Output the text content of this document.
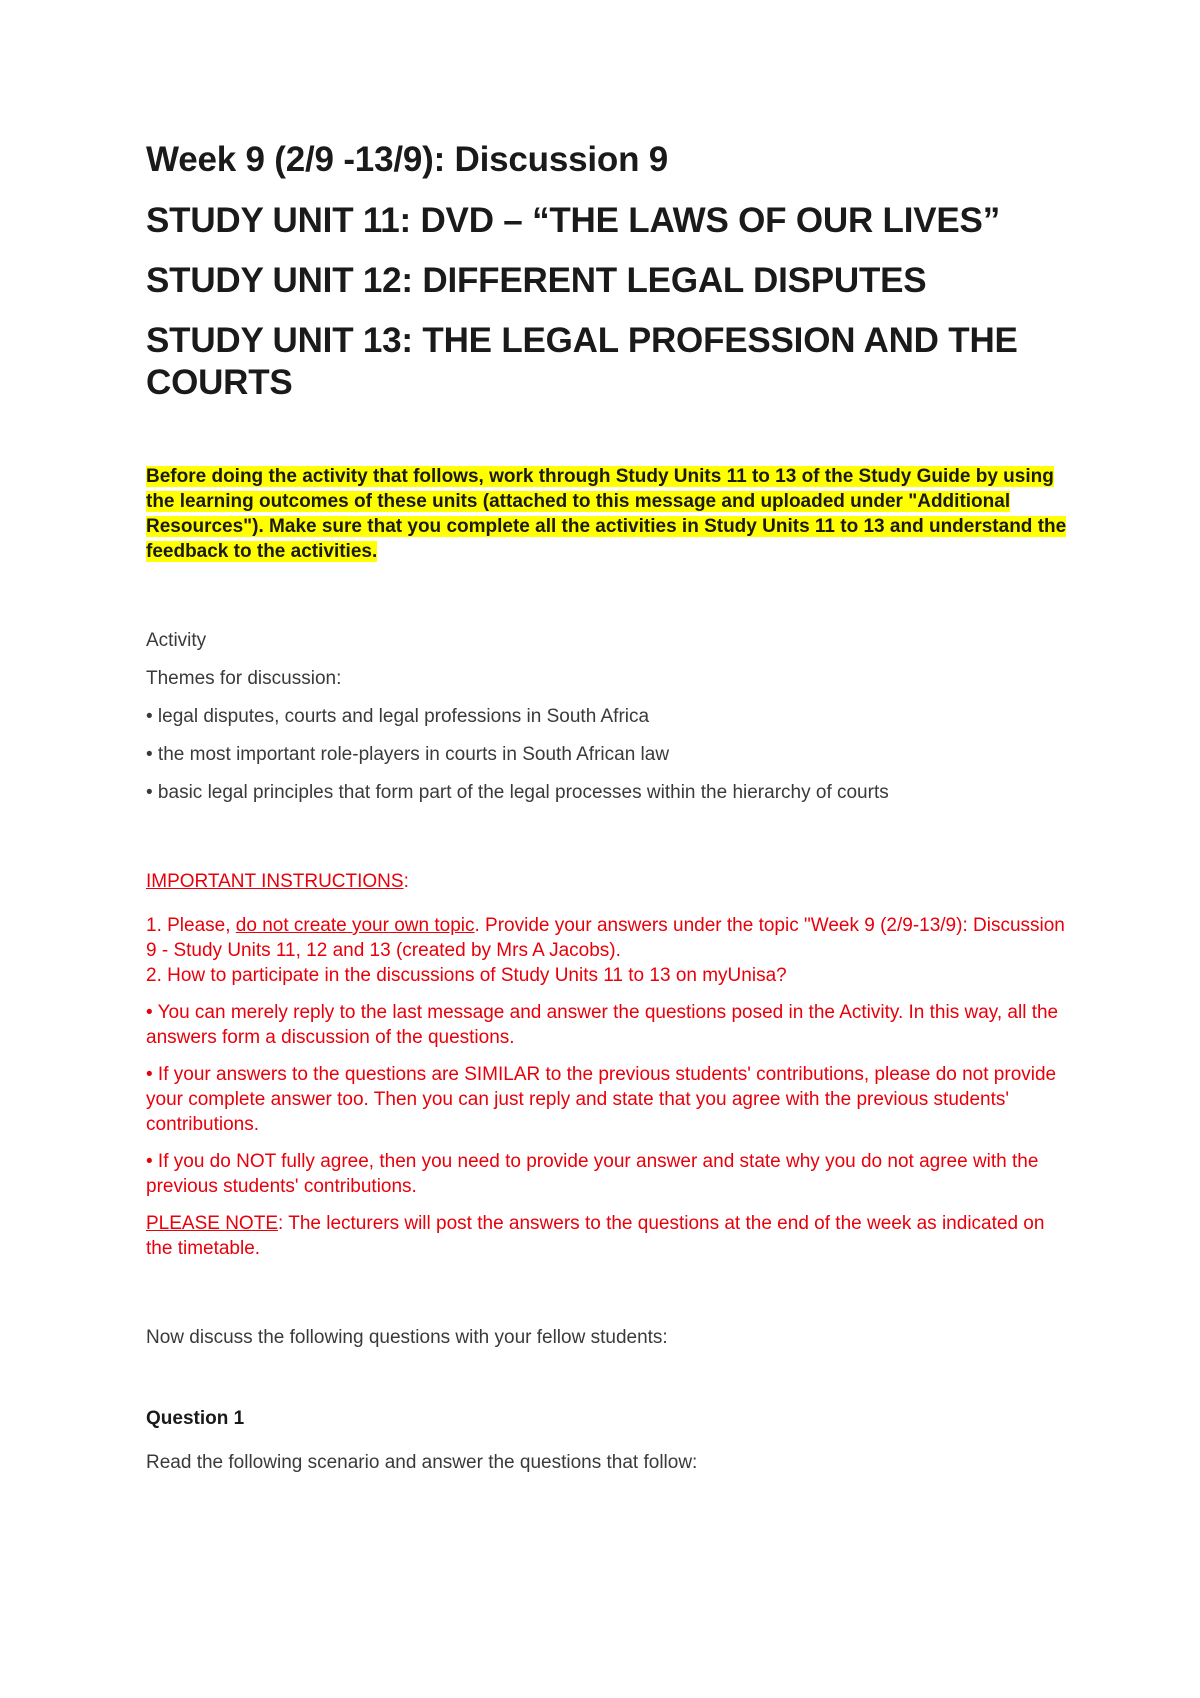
Week 9 (2/9 -13/9): Discussion 9
STUDY UNIT 11: DVD – “THE LAWS OF OUR LIVES”
STUDY UNIT 12: DIFFERENT LEGAL DISPUTES
STUDY UNIT 13: THE LEGAL PROFESSION AND THE COURTS

Before doing the activity that follows, work through Study Units 11 to 13 of the Study Guide by using the learning outcomes of these units (attached to this message and uploaded under "Additional Resources"). Make sure that you complete all the activities in Study Units 11 to 13 and understand the feedback to the activities.

Activity

Themes for discussion:

• legal disputes, courts and legal professions in South Africa

• the most important role-players in courts in South African law

• basic legal principles that form part of the legal processes within the hierarchy of courts

IMPORTANT INSTRUCTIONS:

1. Please, do not create your own topic. Provide your answers under the topic "Week 9 (2/9-13/9): Discussion 9 - Study Units 11, 12 and 13 (created by Mrs A Jacobs).

2. How to participate in the discussions of Study Units 11 to 13 on myUnisa?

• You can merely reply to the last message and answer the questions posed in the Activity. In this way, all the answers form a discussion of the questions.

• If your answers to the questions are SIMILAR to the previous students' contributions, please do not provide your complete answer too. Then you can just reply and state that you agree with the previous students' contributions.

• If you do NOT fully agree, then you need to provide your answer and state why you do not agree with the previous students' contributions.

PLEASE NOTE: The lecturers will post the answers to the questions at the end of the week as indicated on the timetable.

Now discuss the following questions with your fellow students:

Question 1

Read the following scenario and answer the questions that follow:
